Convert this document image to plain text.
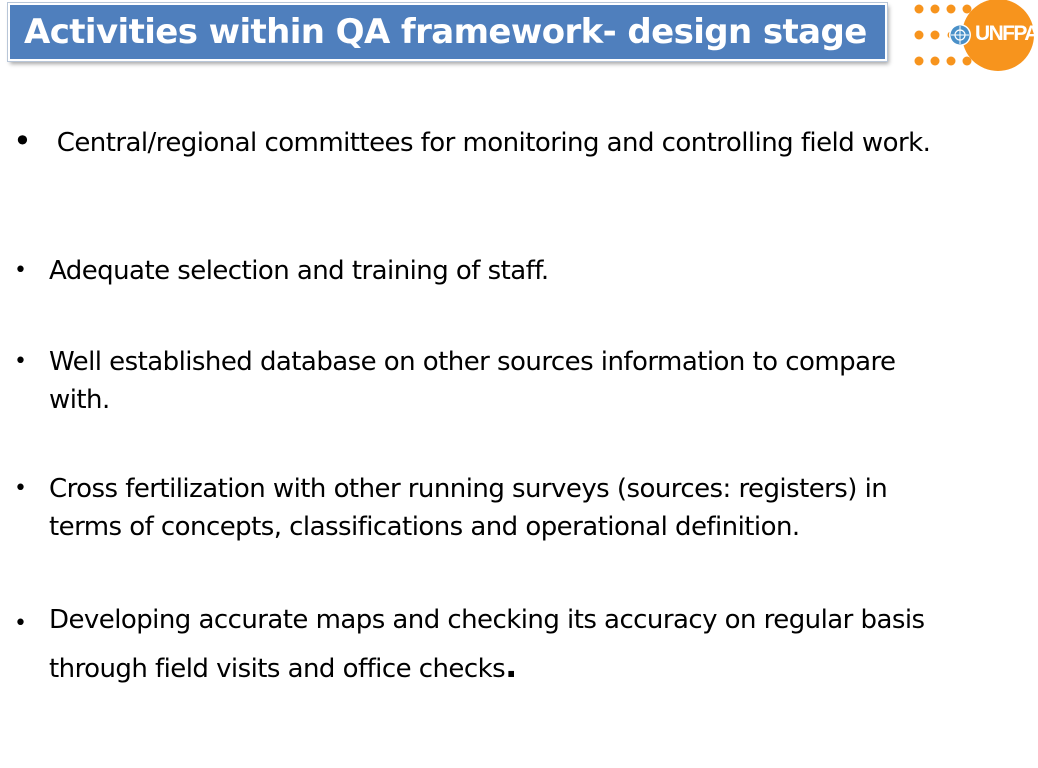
Activities within QA framework- design stage	UNFPA
• Central/regional committees for monitoring and controlling field work.
• Adequate selection and training of staff.
• Well established database on other sources information to compare with.
• Cross fertilization with other running surveys (sources: registers) in terms of concepts, classifications and operational definition.
• Developing accurate maps and checking its accuracy on regular basis through field visits and office checks.
